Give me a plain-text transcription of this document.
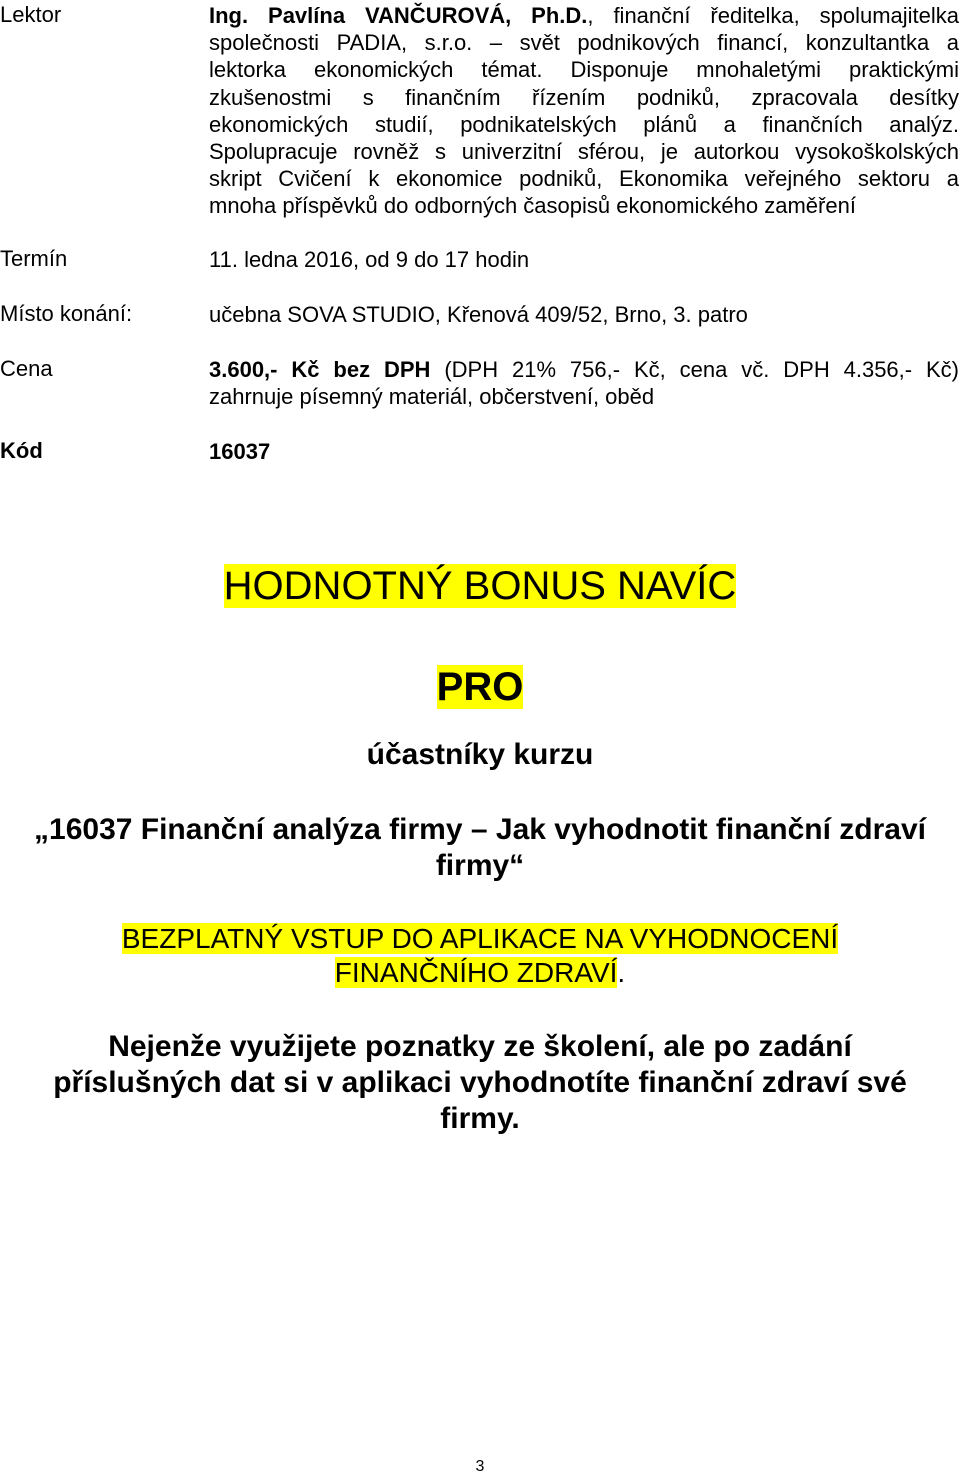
Lektor	Ing. Pavlína VANČUROVÁ, Ph.D., finanční ředitelka, spolumajitelka
společnosti PADIA, s.r.o. – svět podnikových financí, konzultantka a
lektorka ekonomických témat. Disponuje mnohaletými praktickými
zkušenostmi s finančním řízením podniků, zpracovala desítky
ekonomických studií, podnikatelských plánů a finančních analýz.
Spolupracuje rovněž s univerzitní sférou, je autorkou vysokoškolských
skript Cvičení k ekonomice podniků, Ekonomika veřejného sektoru a
mnoha příspěvků do odborných časopisů ekonomického zaměření
Termín	11. ledna 2016, od 9 do 17 hodin
Místo konání:	učebna SOVA STUDIO, Křenová 409/52, Brno, 3. patro
Cena	3.600,- Kč bez DPH (DPH 21% 756,- Kč, cena vč. DPH 4.356,- Kč)
zahrnuje písemný materiál, občerstvení, oběd
Kód	16037
HODNOTNÝ BONUS NAVÍC
PRO
účastníky kurzu
„16037 Finanční analýza firmy – Jak vyhodnotit finanční zdraví
firmy“
BEZPLATNÝ VSTUP DO APLIKACE NA VYHODNOCENÍ
FINANČNÍHO ZDRAVÍ.
Nejenže využijete poznatky ze školení, ale po zadání
příslušných dat si v aplikaci vyhodnotíte finanční zdraví své
firmy.
3
